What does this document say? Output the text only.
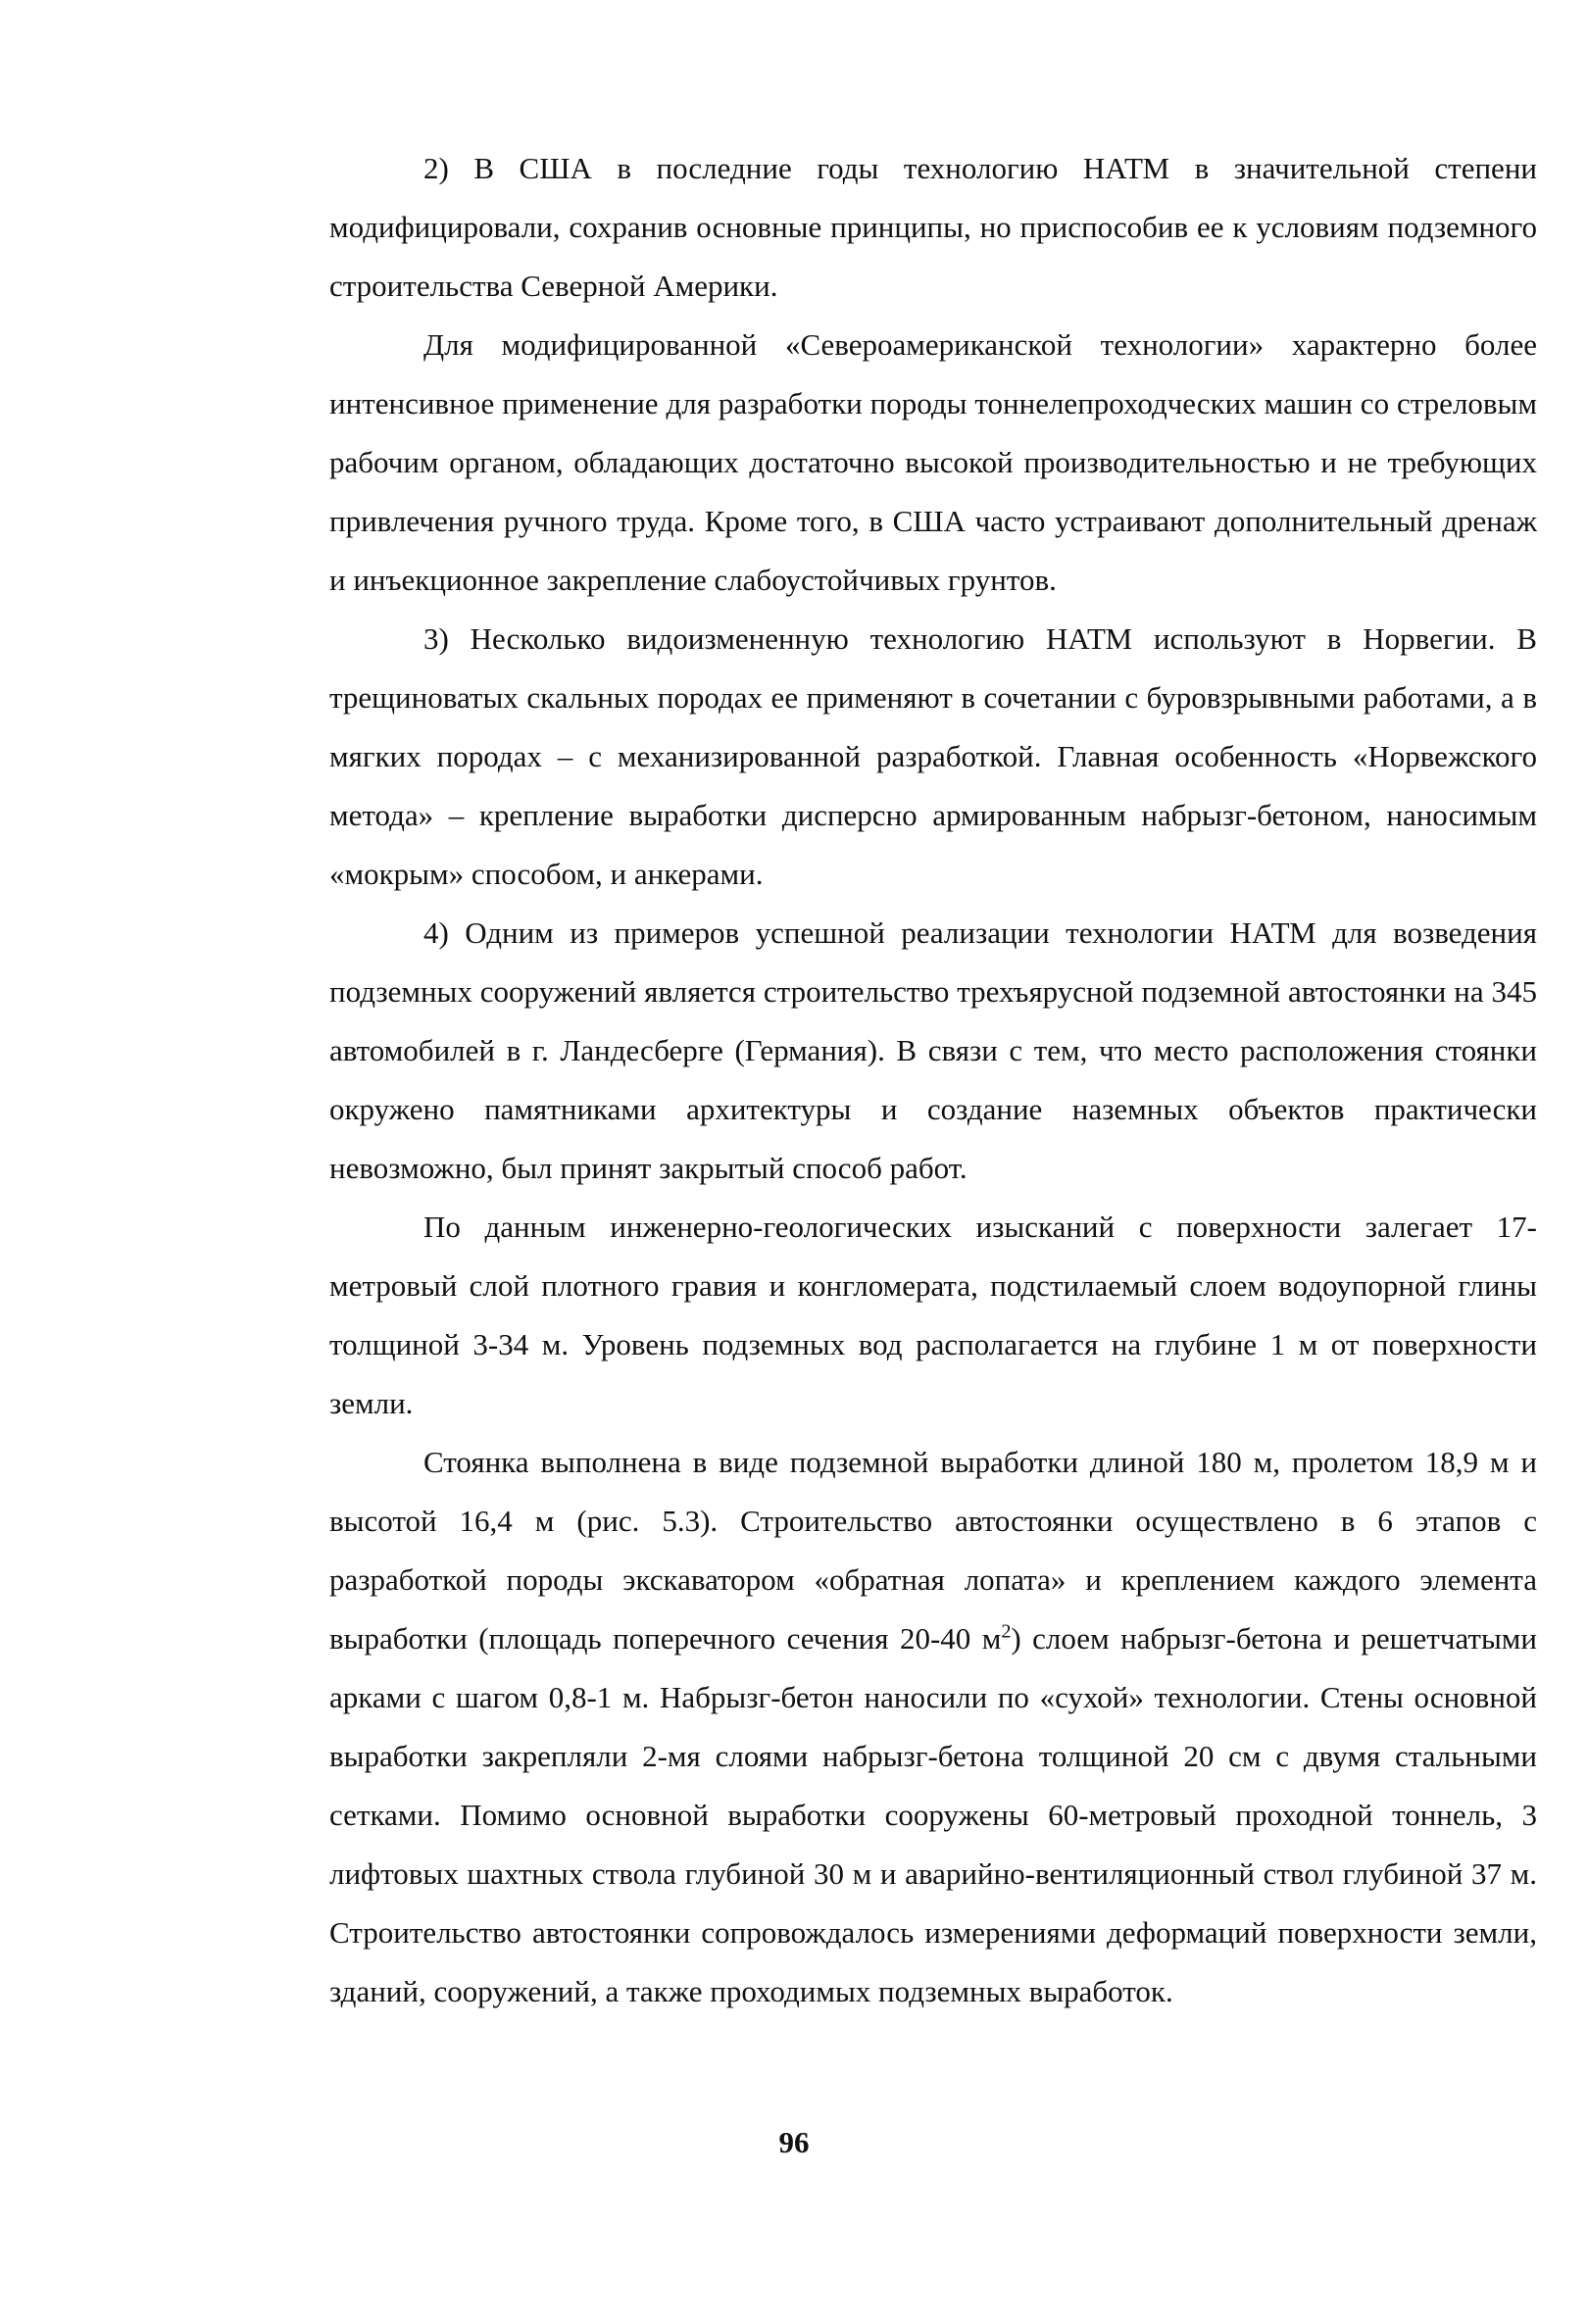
2) В США в последние годы технологию НАТМ в значительной степени модифицировали, сохранив основные принципы, но приспособив ее к условиям подземного строительства Северной Америки.

Для модифицированной «Североамериканской технологии» характерно более интенсивное применение для разработки породы тоннелепроходческих машин со стреловым рабочим органом, обладающих достаточно высокой производительностью и не требующих привлечения ручного труда. Кроме того, в США часто устраивают дополнительный дренаж и инъекционное закрепление слабоустойчивых грунтов.

3) Несколько видоизмененную технологию НАТМ используют в Норвегии. В трещиноватых скальных породах ее применяют в сочетании с буровзрывными работами, а в мягких породах – с механизированной разработкой. Главная особенность «Норвежского метода» – крепление выработки дисперсно армированным набрызг-бетоном, наносимым «мокрым» способом, и анкерами.

4) Одним из примеров успешной реализации технологии НАТМ для возведения подземных сооружений является строительство трехъярусной подземной автостоянки на 345 автомобилей в г. Ландесберге (Германия). В связи с тем, что место расположения стоянки окружено памятниками архитектуры и создание наземных объектов практически невозможно, был принят закрытый способ работ.

По данным инженерно-геологических изысканий с поверхности залегает 17-метровый слой плотного гравия и конгломерата, подстилаемый слоем водоупорной глины толщиной 3-34 м. Уровень подземных вод располагается на глубине 1 м от поверхности земли.

Стоянка выполнена в виде подземной выработки длиной 180 м, пролетом 18,9 м и высотой 16,4 м (рис. 5.3). Строительство автостоянки осуществлено в 6 этапов с разработкой породы экскаватором «обратная лопата» и креплением каждого элемента выработки (площадь поперечного сечения 20-40 $м^2$) слоем набрызг-бетона и решетчатыми арками с шагом 0,8-1 м. Набрызг-бетон наносили по «сухой» технологии. Стены основной выработки закрепляли 2-мя слоями набрызг-бетона толщиной 20 см с двумя стальными сетками. Помимо основной выработки сооружены 60-метровый проходной тоннель, 3 лифтовых шахтных ствола глубиной 30 м и аварийно-вентиляционный ствол глубиной 37 м. Строительство автостоянки сопровождалось измерениями деформаций поверхности земли, зданий, сооружений, а также проходимых подземных выработок.

96
